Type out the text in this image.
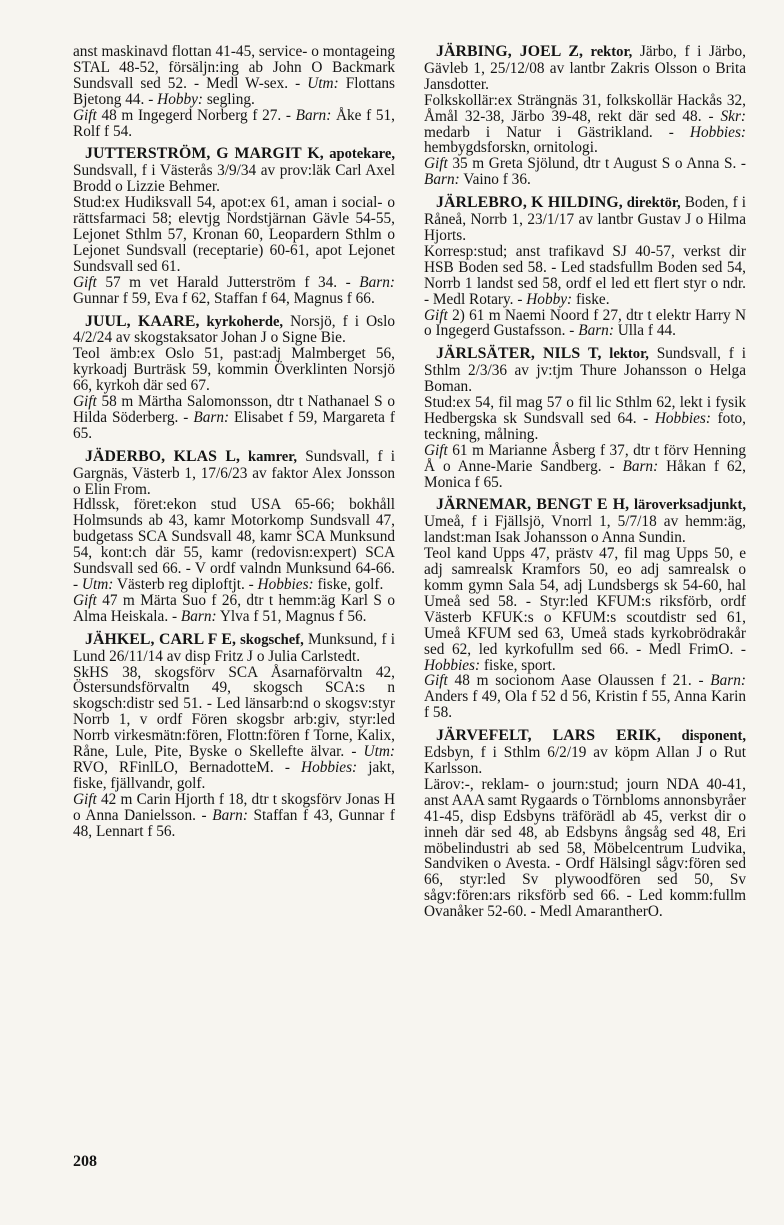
anst maskinavd flottan 41-45, service- o montageing STAL 48-52, försäljn:ing ab John O Backmark Sundsvall sed 52. - Medl W-sex. - Utm: Flottans Bjetong 44. - Hobby: segling.
Gift 48 m Ingegerd Norberg f 27. - Barn: Åke f 51, Rolf f 54.
JUTTERSTRÖM, G MARGIT K, apotekare, Sundsvall, f i Västerås 3/9/34 av prov:läk Carl Axel Brodd o Lizzie Behmer.
Stud:ex Hudiksvall 54, apot:ex 61, aman i social- o rättsfarmaci 58; elevtjg Nordstjärnan Gävle 54-55, Lejonet Sthlm 57, Kronan 60, Leopardern Sthlm o Lejonet Sundsvall (receptarie) 60-61, apot Lejonet Sundsvall sed 61.
Gift 57 m vet Harald Jutterström f 34. - Barn: Gunnar f 59, Eva f 62, Staffan f 64, Magnus f 66.
JUUL, KAARE, kyrkoherde, Norsjö, f i Oslo 4/2/24 av skogstaksator Johan J o Signe Bie.
Teol ämb:ex Oslo 51, past:adj Malmberget 56, kyrkoadj Burträsk 59, kommin Överklinten Norsjö 66, kyrkoh där sed 67.
Gift 58 m Märtha Salomonsson, dtr t Nathanael S o Hilda Söderberg. - Barn: Elisabet f 59, Margareta f 65.
JÄDERBO, KLAS L, kamrer, Sundsvall, f i Gargnäs, Västerb 1, 17/6/23 av faktor Alex Jonsson o Elin From.
Hdlssk, föret:ekon stud USA 65-66; bokhåll Holmsunds ab 43, kamr Motorkomp Sundsvall 47, budgetass SCA Sundsvall 48, kamr SCA Munksund 54, kont:ch där 55, kamr (redovisn:expert) SCA Sundsvall sed 66. - V ordf valndn Munksund 64-66. - Utm: Västerb reg diploftjt. - Hobbies: fiske, golf.
Gift 47 m Märta Suo f 26, dtr t hemm:äg Karl S o Alma Heiskala. - Barn: Ylva f 51, Magnus f 56.
JÄHKEL, CARL F E, skogschef, Munksund, f i Lund 26/11/14 av disp Fritz J o Julia Carlstedt.
SkHS 38, skogsförv SCA Åsarnaförvaltn 42, Östersundsförvaltn 49, skogsch SCA:s n skogsch:distr sed 51. - Led länsarb:nd o skogsv:styr Norrb 1, v ordf Fören skogsbr arb:giv, styr:led Norrb virkesmätn:fören, Flottn:fören f Torne, Kalix, Råne, Lule, Pite, Byske o Skellefte älvar. - Utm: RVO, RFinlLO, BernadotteM. - Hobbies: jakt, fiske, fjällvandr, golf.
Gift 42 m Carin Hjorth f 18, dtr t skogsförv Jonas H o Anna Danielsson. - Barn: Staffan f 43, Gunnar f 48, Lennart f 56.
JÄRBING, JOEL Z, rektor, Järbo, f i Järbo, Gävleb 1, 25/12/08 av lantbr Zakris Olsson o Brita Jansdotter.
Folkskollär:ex Strängnäs 31, folkskollär Hackås 32, Åmål 32-38, Järbo 39-48, rekt där sed 48. - Skr: medarb i Natur i Gästrikland. - Hobbies: hembygdsforskn, ornitologi.
Gift 35 m Greta Sjölund, dtr t August S o Anna S. - Barn: Vaino f 36.
JÄRLEBRO, K HILDING, direktör, Boden, f i Råneå, Norrb 1, 23/1/17 av lantbr Gustav J o Hilma Hjorts.
Korresp:stud; anst trafikavd SJ 40-57, verkst dir HSB Boden sed 58. - Led stadsfullm Boden sed 54, Norrb 1 landst sed 58, ordf el led ett flert styr o ndr. - Medl Rotary. - Hobby: fiske.
Gift 2) 61 m Naemi Noord f 27, dtr t elektr Harry N o Ingegerd Gustafsson. - Barn: Ulla f 44.
JÄRLSÄTER, NILS T, lektor, Sundsvall, f i Sthlm 2/3/36 av jv:tjm Thure Johansson o Helga Boman.
Stud:ex 54, fil mag 57 o fil lic Sthlm 62, lekt i fysik Hedbergska sk Sundsvall sed 64. - Hobbies: foto, teckning, målning.
Gift 61 m Marianne Åsberg f 37, dtr t förv Henning Å o Anne-Marie Sandberg. - Barn: Håkan f 62, Monica f 65.
JÄRNEMAR, BENGT E H, läroverksadjunkt, Umeå, f i Fjällsjö, Vnorrl 1, 5/7/18 av hemm:äg, landst:man Isak Johansson o Anna Sundin.
Teol kand Upps 47, prästv 47, fil mag Upps 50, e adj samrealsk Kramfors 50, eo adj samrealsk o komm gymn Sala 54, adj Lundsbergs sk 54-60, hal Umeå sed 58. - Styr:led KFUM:s riksförb, ordf Västerb KFUK:s o KFUM:s scoutdistr sed 61, Umeå KFUM sed 63, Umeå stads kyrkobrödrakår sed 62, led kyrkofullm sed 66. - Medl FrimO. - Hobbies: fiske, sport.
Gift 48 m socionom Aase Olaussen f 21. - Barn: Anders f 49, Ola f 52 d 56, Kristin f 55, Anna Karin f 58.
JÄRVEFELT, LARS ERIK, disponent, Edsbyn, f i Sthlm 6/2/19 av köpm Allan J o Rut Karlsson.
Lärov:-, reklam- o journ:stud; journ NDA 40-41, anst AAA samt Rygaards o Törnbloms annonsbyråer 41-45, disp Edsbyns träförädl ab 45, verkst dir o inneh där sed 48, ab Edsbyns ångsåg sed 48, Eri möbelindustri ab sed 58, Möbelcentrum Ludvika, Sandviken o Avesta. - Ordf Hälsingl sågv:fören sed 66, styr:led Sv plywoodfören sed 50, Sv sågv:fören:ars riksförb sed 66. - Led komm:fullm Ovanåker 52-60. - Medl AmarantherO.
208
